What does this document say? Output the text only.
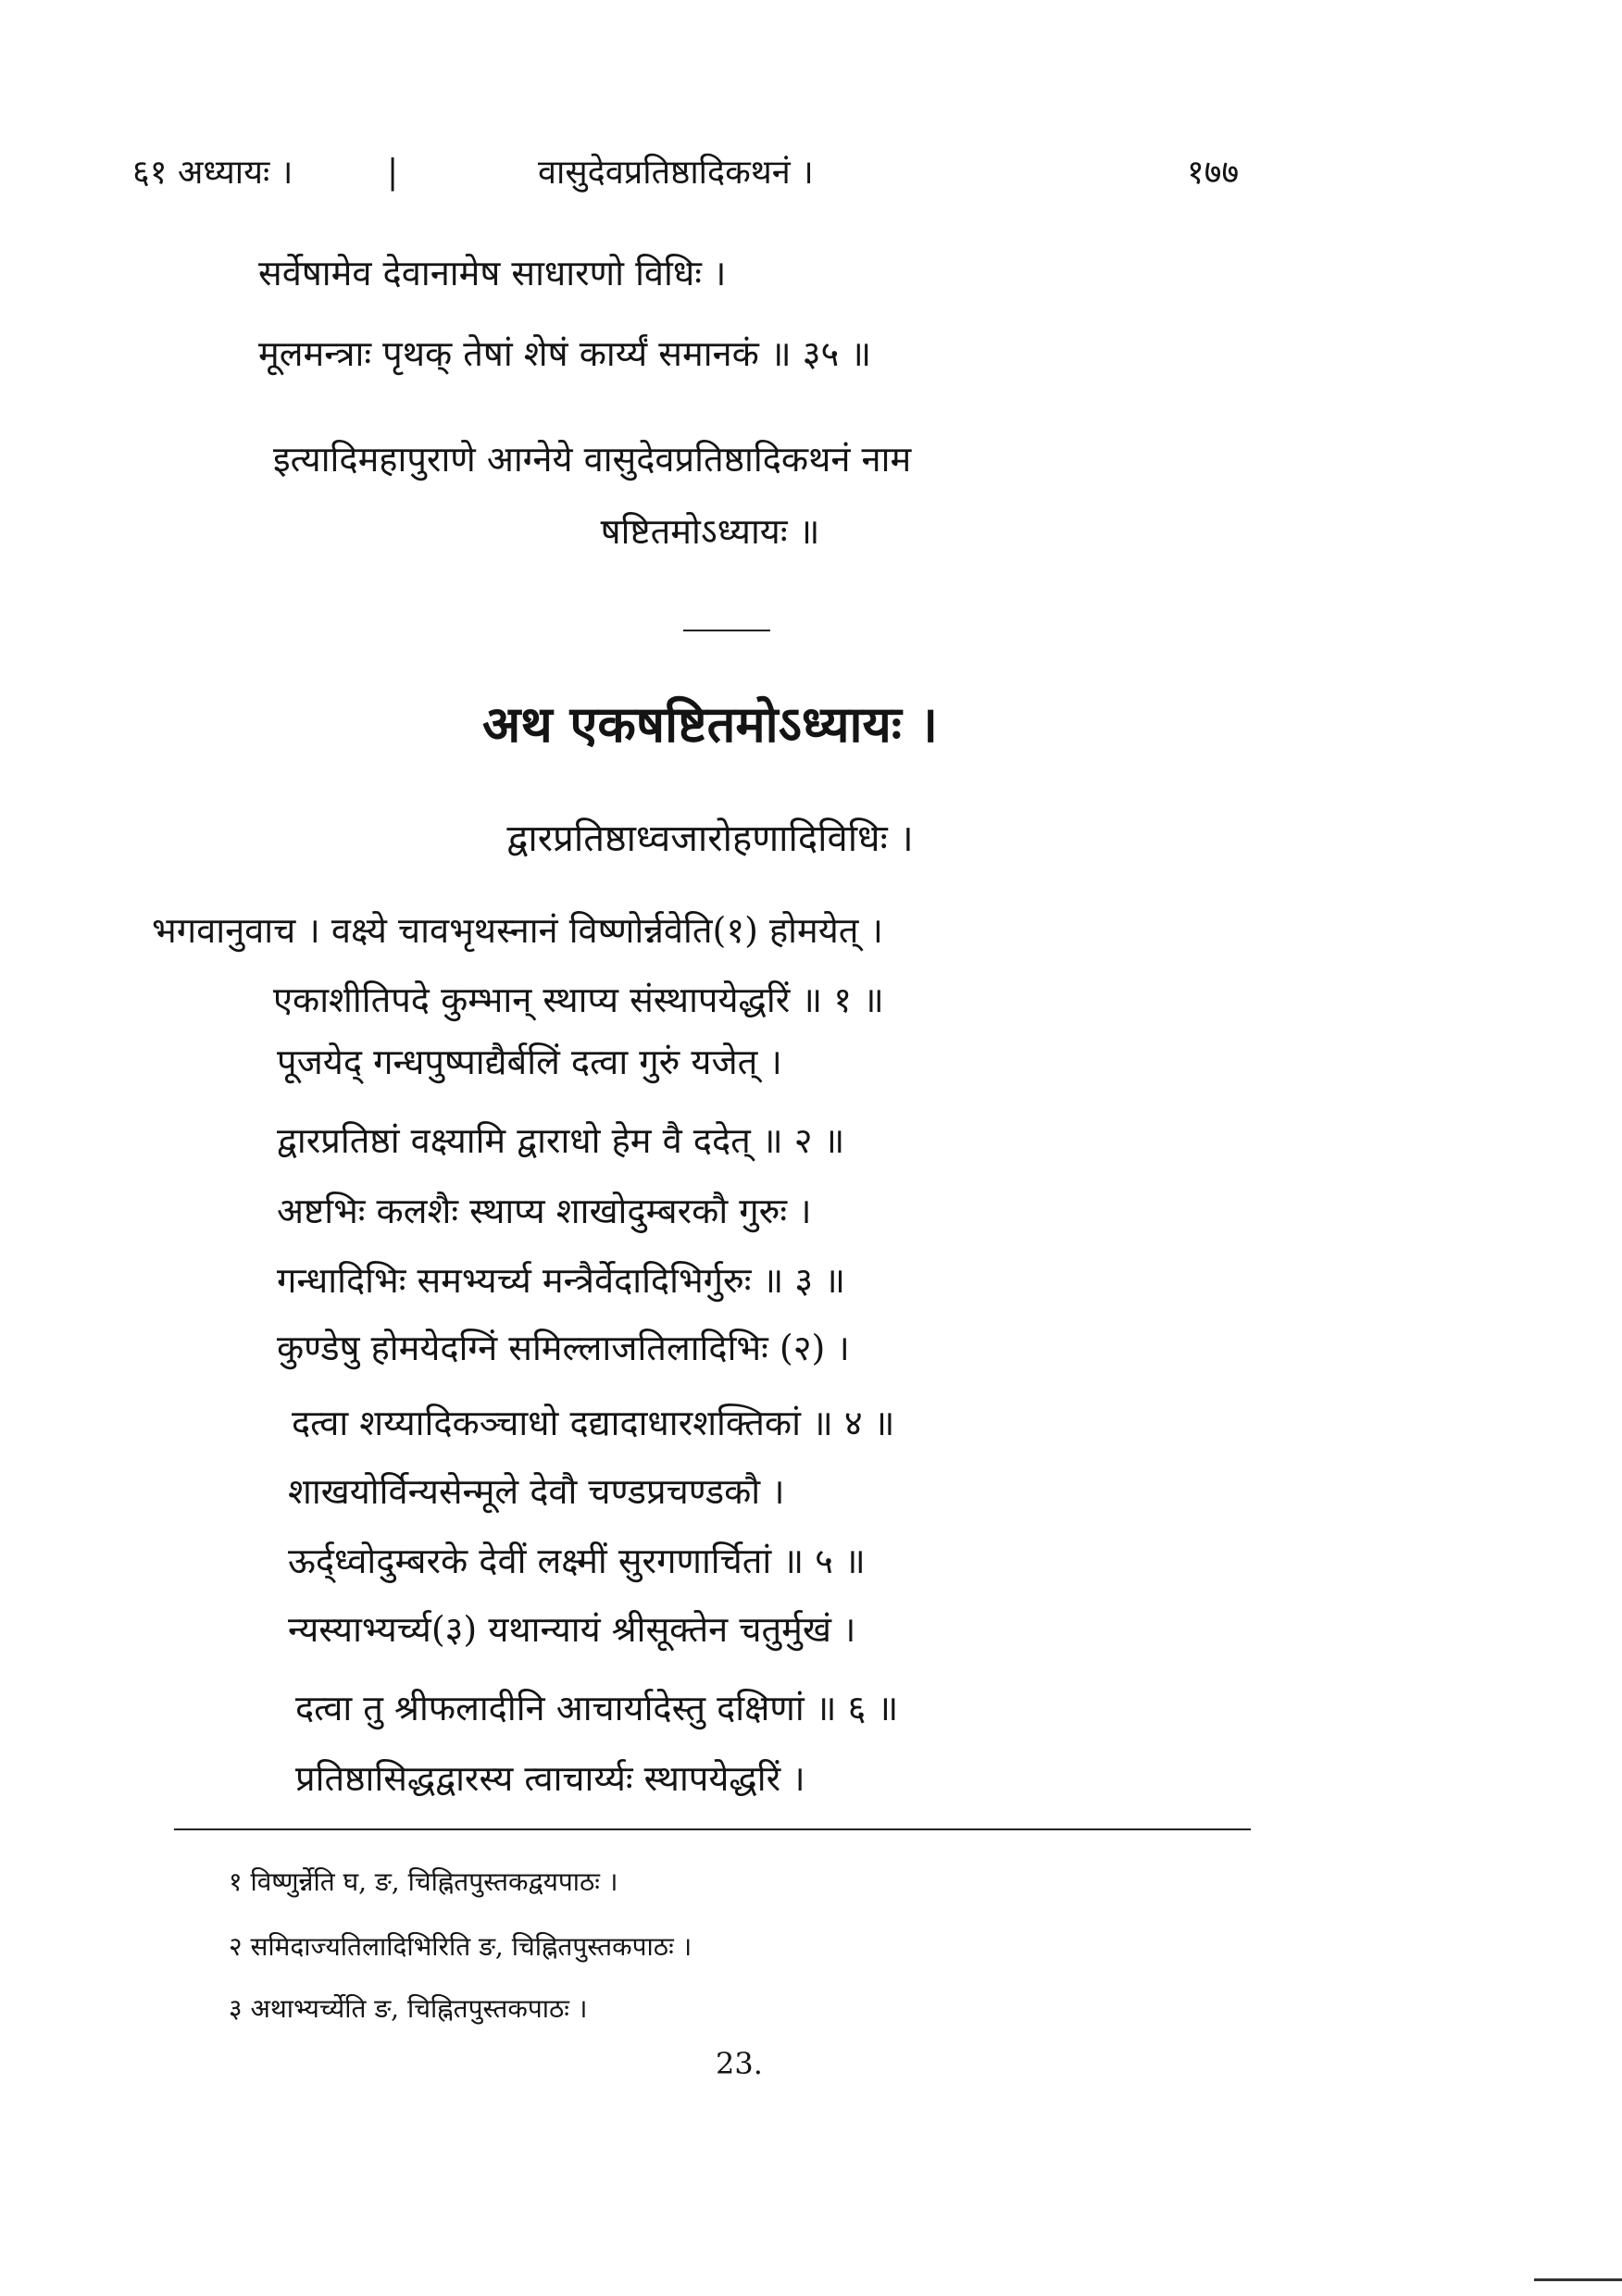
६१ अध्यायः ।	|	वासुदेवप्रतिष्ठादिकथनं ।	१७७
सर्वेषामेव देवानामेष साधारणो विधिः ।
मूलमन्त्राः पृथक् तेषां शेषं कार्य्यं समानकं ॥ ३५ ॥
इत्यादिमहापुराणे आग्नेये वासुदेवप्रतिष्ठादिकथनं नाम
षष्टितमोऽध्यायः ॥
अथ एकषष्टितमोऽध्यायः ।
द्वारप्रतिष्ठाध्वजारोहणादिविधिः ।
भगवानुवाच । वक्ष्ये चावभृथस्नानं विष्णोर्न्नवेति(१) होमयेत् ।
एकाशीतिपदे कुम्भान् स्थाप्य संस्थापयेद्धरिं ॥ १ ॥
पूजयेद् गन्धपुष्पाद्यैर्बलिं दत्वा गुरुं यजेत् ।
द्वारप्रतिष्ठां वक्ष्यामि द्वाराधो हेम वै ददेत् ॥ २ ॥
अष्टभिः कलशैः स्थाप्य शाखोदुम्बरकौ गुरुः ।
गन्धादिभिः समभ्यर्च्य मन्त्रैर्वेदादिभिर्गुरुः ॥ ३ ॥
कुण्डेषु होमयेदग्निं समिल्लाजतिलादिभिः (२) ।
दत्वा शय्यादिकञ्चाधो दद्यादाधारशक्तिकां ॥ ४ ॥
शाखयोर्विन्यसेन्मूले देवौ चण्डप्रचण्डकौ ।
ऊर्द्ध्वोदुम्बरके देवीं लक्ष्मीं सुरगणार्चितां ॥ ५ ॥
न्यस्याभ्यर्च्य(३) यथान्यायं श्रीसूक्तेन चतुर्मुखं ।
दत्वा तु श्रीफलादीनि आचार्यादेस्तु दक्षिणां ॥ ६ ॥
प्रतिष्ठासिद्धद्वारस्य त्वाचार्य्यः स्थापयेद्धरिं ।
१ विष्णुर्न्नेति घ, ङ, चिह्नितपुस्तकद्वयपाठः ।
२ समिदाज्यतिलादिभिरिति ङ, चिह्नितपुस्तकपाठः ।
३ अथाभ्यर्च्येति ङ, चिह्नितपुस्तकपाठः ।
23.
